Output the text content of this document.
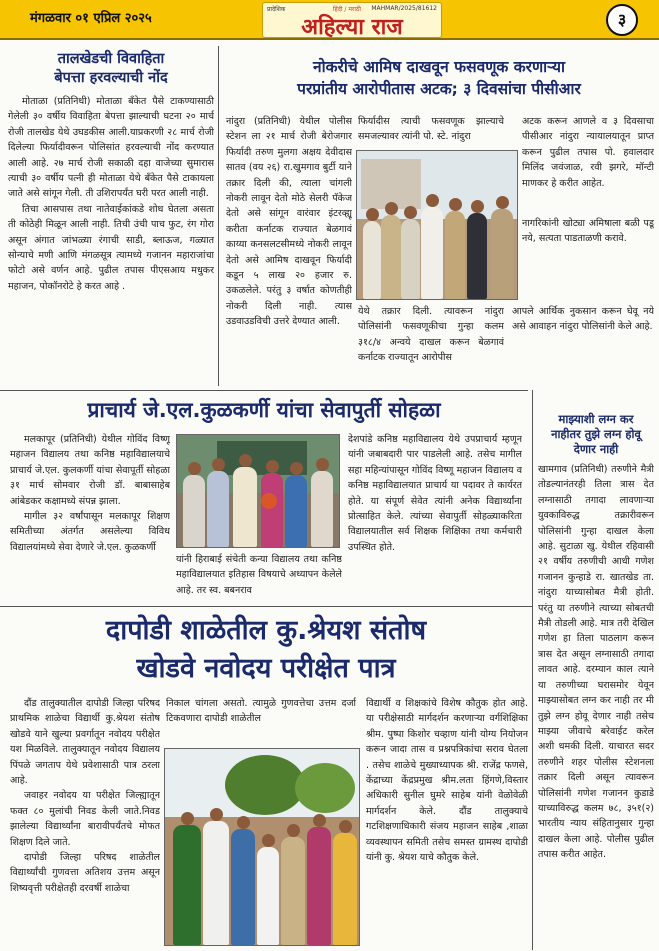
मंगळवार ०१ एप्रिल २०२५
प्रादेशिक	हिंदी / मराठी MAHMAR/2025/81612
अहिल्या राज	३
तालखेडची विवाहिता
बेपत्ता हरवल्याची नोंद

मोताळा (प्रतिनिधी) मोताळा बँकेत पैसे टाकण्यासाठी गेलेली ३० वर्षीय विवाहिता बेपत्ता झाल्याची घटना २० मार्च रोजी तालखेड येथे उघडकीस आली.याप्रकरणी २८ मार्च रोजी दिलेल्या फिर्यादीवरून पोलिसांत हरवल्याची नोंद करण्यात आली आहे. २७ मार्च रोजी सकाळी दहा वाजेच्या सुमारास त्याची ३० वर्षीय पत्नी ही मोताळा येथे बँकेत पैसे टाकायला जाते असे सांगून गेली. ती उशिरापर्यंत घरी परत आली नाही.

तिचा आसपास तथा नातेवाईकांकडे शोध घेतला असता ती कोठेही मिळून आली नाही. तिची उंची पाच फुट, रंग गोरा असून अंगात जांभळ्या रंगाची साडी, ब्लाऊज, गळ्यात सोन्याचे मणी आणि मंगळसूत्र त्यामध्ये गजानन महाराजांचा फोटो असे वर्णन आहे. पुढील तपास पीएसआय मधुकर महाजन, पोकॉनरोटे हे करत आहे .

नोकरीचे आमिष दाखवून फसवणूक करणाऱ्या
परप्रांतीय आरोपीतास अटक; ३ दिवसांचा पीसीआर
नांदुरा (प्रतिनिधी) येथील पोलीस स्टेशन ला २१ मार्च रोजी बेरोजगार फिर्यादी तरुण मुलगा अक्षय देवीदास सातव (वय २६) रा.खुमगाव बुर्टी याने तक्रार दिली की, त्याला चांगली नोकरी लावून देतो मोठे सेलरी पॅकेज देतो असे सांगून वारंवार इंटरव्ह्यू करीता कर्नाटक राज्यात बेळगावं काय्या कनसलटसीमध्ये नोकरी लावून देतो असे आमिष दाखवून फिर्यादी कडून ५ लाख २० हजार रु. उकळलेले. परंतु ३ वर्षात कोणतीही नोकरी दिली नाही. त्यास उडवाउडविची उत्तरे देण्यात आली.
फिर्यादीस त्याची फसवणूक झाल्याचे समजल्यावर त्यांनी पो. स्टे. नांदुरा
येथे तक्रार दिली. त्यावरून नांदुरा पोलिसांनी फसवणूकीचा गुन्हा कलम ३१८/४ अन्वये दाखल करून बेळगावं कर्नाटक राज्यातून आरोपीस
अटक करून आणले व ३ दिवसाचा पीसीआर नांदुरा न्यायालयातून प्राप्त करून पुढील तपास पो. हवालदार मिलिंद जवंजाळ, रवी झगरे, मॉन्टी माणकर हे करीत आहेत.
नागरिकांनी खोट्या अमिषाला बळी पडू नये, सत्यता पाडताळणी करावे.
आपले आर्थिक नुकसान करून घेवू नये असे आवाहन नांदुरा पोलिसांनी केले आहे.
प्राचार्य जे.एल.कुळकर्णी यांचा सेवापुर्ती सोहळा

मलकापूर (प्रतिनिधी) येथील गोविंद विष्णू महाजन विद्यालय तथा कनिष्ठ महाविद्यालयाचे प्राचार्य जे.एल. कुलकर्णी यांचा सेवापूर्ती सोहळा ३१ मार्च सोमवार रोजी डॉ. बाबासाहेब आंबेडकर कक्षामध्ये संपन्न झाला.

मागील ३२ वर्षांपासून मलकापूर शिक्षण समितीच्या अंतर्गत असलेल्या विविध विद्यालयांमध्ये सेवा देणारे जे.एल. कुळकर्णी

यांनी हिराबाई संचेती कन्या विद्यालय तथा कनिष्ठ महाविद्यालयात इतिहास विषयाचे अध्यापन केलेले आहे. तर स्व. बबनराव
देशपांडे कनिष्ठ महाविद्यालय येथे उपप्राचार्य म्हणून यांनी जबाबदारी पार पाडलेली आहे. तसेच मागील सहा महिन्यांपासून गोविंद विष्णू महाजन विद्यालय व कनिष्ठ महाविद्यालयात प्राचार्य या पदावर ते कार्यरत होते. या संपूर्ण सेवेत त्यांनी अनेक विद्यार्थ्यांना प्रोत्साहित केले. त्यांच्या सेवापुर्ती सोहळ्याकरिता विद्यालयातील सर्व शिक्षक शिक्षिका तथा कर्मचारी उपस्थित होते.
माझ्याशी लग्न कर
नाहीतर तुझे लग्न होवू
देणार नाही
खामगाव (प्रतिनिधी) तरुणीने मैत्री तोडल्यानंतरही तिला त्रास देत लग्नासाठी तगादा लावणाऱ्या युवकाविरुद्ध तक्रारीवरून पोलिसांनी गुन्हा दाखल केला आहे. सुटाळा खु. येथील रहिवासी २१ वर्षीय तरुणीची आधी गणेश गजानन कुन्हाडे रा. खातखेड ता. नांदुरा याच्यासोबत मैत्री होती. परंतु या तरुणीने त्याच्या सोबतची मैत्री तोडली आहे. मात्र तरी देखिल गणेश हा तिला पाठलाग करून त्रास देत असून लग्नासाठी तगादा लावत आहे. दरम्यान काल त्याने या तरुणीच्या घरासमोर येवून माझ्यासोबत लग्न कर नाही तर मी तुझे लग्न होवू देणार नाही तसेच माझ्या जीवाचे बरेवाईट करेल अशी धमकी दिली. याचारत सदर तरुणीने शहर पोलीस स्टेशनला तक्रार दिली असून त्यावरून पोलिसांनी गणेश गजानन कुडाडे याच्याविरुद्ध कलम ७८, ३५१(२) भारतीय न्याय संहितानुसार गुन्हा दाखल केला आहे. पोलीस पुढील तपास करीत आहेत.
दापोडी शाळेतील कु.श्रेयश संतोष
खोडवे नवोदय परीक्षेत पात्र

दौंड तालुक्यातील दापोडी जिल्हा परिषद प्राथमिक शाळेचा विद्यार्थी कु.श्रेयश संतोष खोडवे याने खुल्या प्रवर्गातून नवोदय परीक्षेत यश मिळविले. तालुक्यातून नवोदय विद्यालय पिंपळे जगताप येथे प्रवेशासाठी पात्र ठरला आहे.

जवाहर नवोदय या परीक्षेत जिल्ह्यातून फक्त ८० मुलांची निवड केली जाते.निवड झालेल्या विद्यार्थ्यांना बारावीपर्यंतचे मोफत शिक्षण दिले जाते.

दापोडी जिल्हा परिषद शाळेतील विद्यार्थ्यांची गुणवत्ता अतिशय उत्तम असून शिष्यवृत्ती परीक्षेतही दरवर्षी शाळेचा

निकाल चांगला असतो. त्यामुळे गुणवत्तेचा उत्तम दर्जा टिकवणारा दापोडी शाळेतील
विद्यार्थी व शिक्षकांचे विशेष कौतुक होत आहे. या परीक्षेसाठी मार्गदर्शन करणाऱ्या वर्गशिक्षिका श्रीम. पुष्पा किशोर चव्हाण यांनी योग्य नियोजन करून जादा तास व प्रश्नपत्रिकांचा सराव घेतला . तसेच शाळेचे मुख्याध्यापक श्री. राजेंद्र फणसे, केंद्राच्या केंद्रप्रमुख श्रीम.लता हिंगणे,विस्तार अधिकारी सुनील घुमरे साहेब यांनी वेळोवेळी मार्गदर्शन केले. दौंड तालुक्याचे गटशिक्षणाधिकारी संजय महाजन साहेब ,शाळा व्यवस्थापन समिती तसेच समस्त ग्रामस्थ दापोडी यांनी कु. श्रेयश याचे कौतुक केले.
